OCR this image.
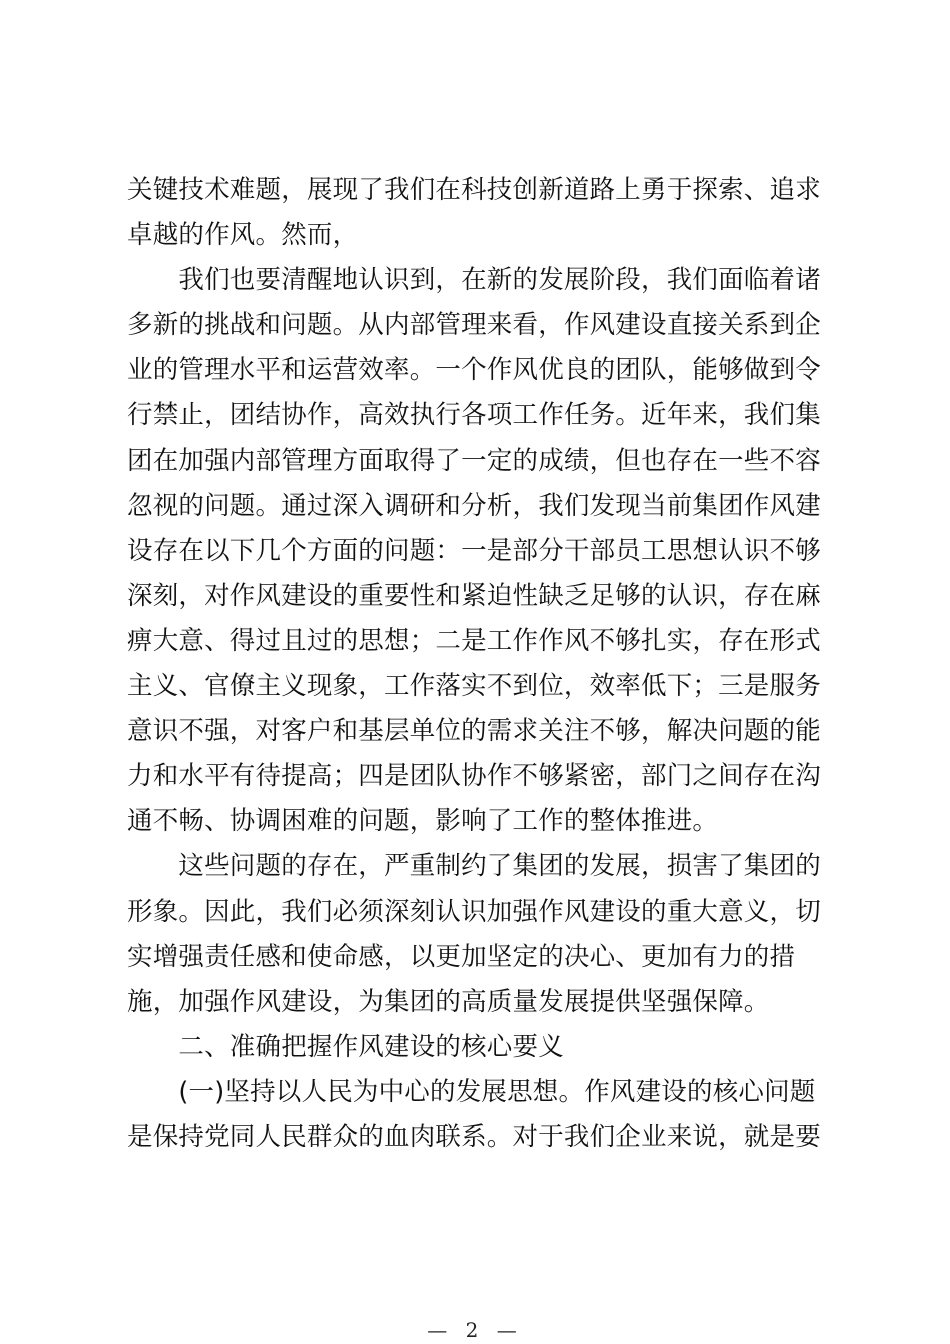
关键技术难题，展现了我们在科技创新道路上勇于探索、追求
卓越的作风。然而，
　　我们也要清醒地认识到，在新的发展阶段，我们面临着诸
多新的挑战和问题。从内部管理来看，作风建设直接关系到企
业的管理水平和运营效率。一个作风优良的团队，能够做到令
行禁止，团结协作，高效执行各项工作任务。近年来，我们集
团在加强内部管理方面取得了一定的成绩，但也存在一些不容
忽视的问题。通过深入调研和分析，我们发现当前集团作风建
设存在以下几个方面的问题：一是部分干部员工思想认识不够
深刻，对作风建设的重要性和紧迫性缺乏足够的认识，存在麻
痹大意、得过且过的思想；二是工作作风不够扎实，存在形式
主义、官僚主义现象，工作落实不到位，效率低下；三是服务
意识不强，对客户和基层单位的需求关注不够，解决问题的能
力和水平有待提高；四是团队协作不够紧密，部门之间存在沟
通不畅、协调困难的问题，影响了工作的整体推进。
　　这些问题的存在，严重制约了集团的发展，损害了集团的
形象。因此，我们必须深刻认识加强作风建设的重大意义，切
实增强责任感和使命感，以更加坚定的决心、更加有力的措
施，加强作风建设，为集团的高质量发展提供坚强保障。
　　二、准确把握作风建设的核心要义
　　(一)坚持以人民为中心的发展思想。作风建设的核心问题
是保持党同人民群众的血肉联系。对于我们企业来说，就是要
— 2 —
